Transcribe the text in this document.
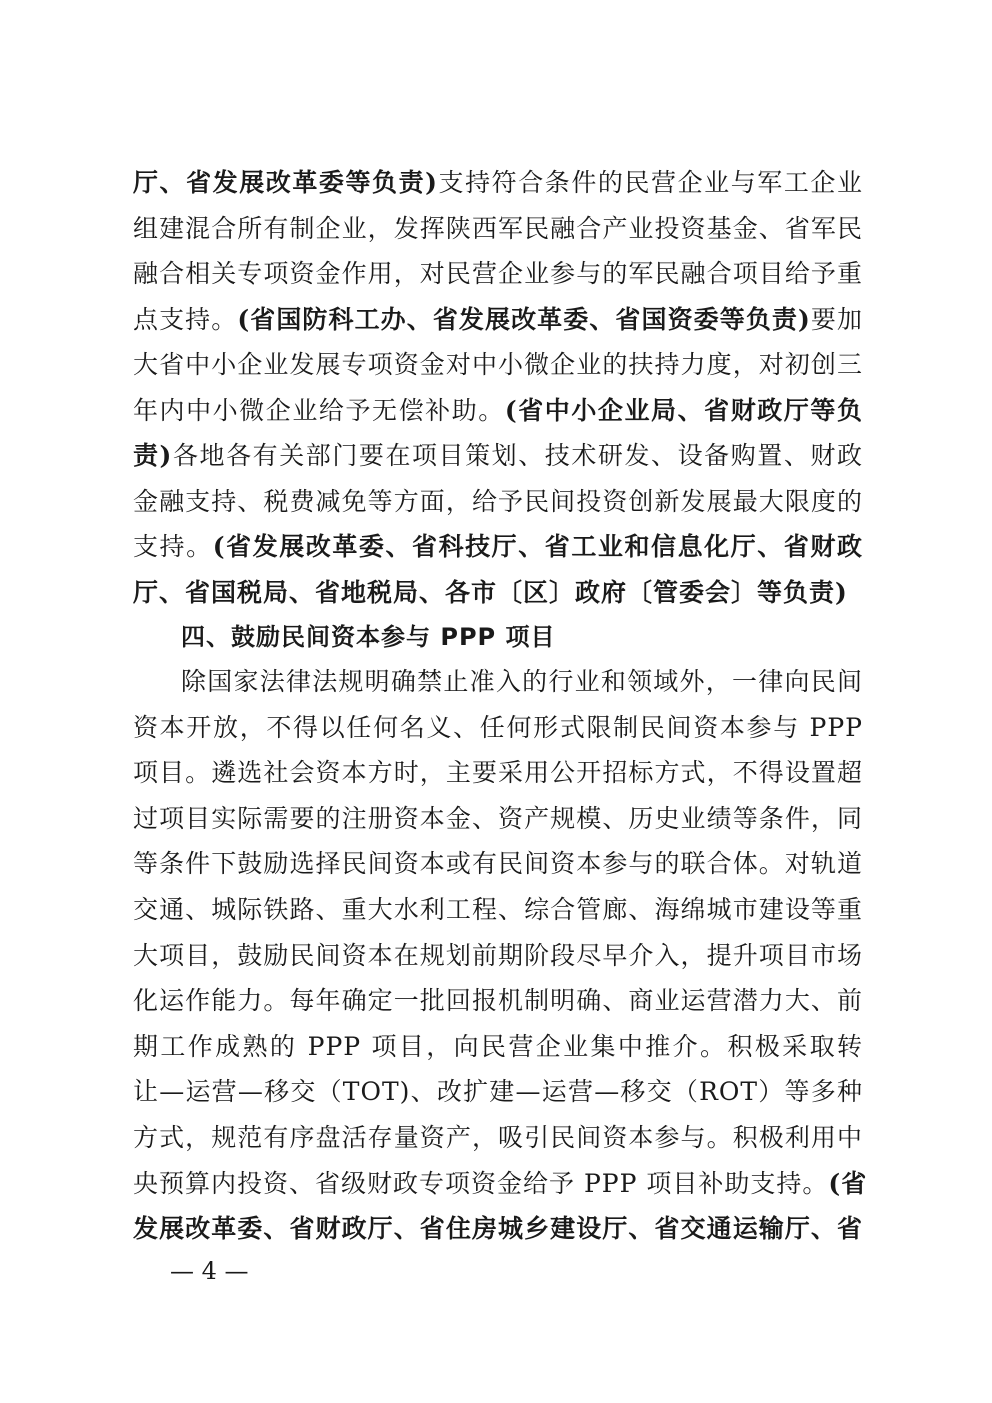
厅、省发展改革委等负责)支持符合条件的民营企业与军工企业
组建混合所有制企业，发挥陕西军民融合产业投资基金、省军民
融合相关专项资金作用，对民营企业参与的军民融合项目给予重
点支持。(省国防科工办、省发展改革委、省国资委等负责)要加
大省中小企业发展专项资金对中小微企业的扶持力度，对初创三
年内中小微企业给予无偿补助。(省中小企业局、省财政厅等负
责)各地各有关部门要在项目策划、技术研发、设备购置、财政
金融支持、税费减免等方面，给予民间投资创新发展最大限度的
支持。(省发展改革委、省科技厅、省工业和信息化厅、省财政
厅、省国税局、省地税局、各市〔区〕政府〔管委会〕等负责)
四、鼓励民间资本参与 PPP 项目
除国家法律法规明确禁止准入的行业和领域外，一律向民间
资本开放，不得以任何名义、任何形式限制民间资本参与 PPP
项目。遴选社会资本方时，主要采用公开招标方式，不得设置超
过项目实际需要的注册资本金、资产规模、历史业绩等条件，同
等条件下鼓励选择民间资本或有民间资本参与的联合体。对轨道
交通、城际铁路、重大水利工程、综合管廊、海绵城市建设等重
大项目，鼓励民间资本在规划前期阶段尽早介入，提升项目市场
化运作能力。每年确定一批回报机制明确、商业运营潜力大、前
期工作成熟的 PPP 项目，向民营企业集中推介。积极采取转
让—运营—移交（TOT)、改扩建—运营—移交（ROT）等多种
方式，规范有序盘活存量资产，吸引民间资本参与。积极利用中
央预算内投资、省级财政专项资金给予 PPP 项目补助支持。(省
发展改革委、省财政厅、省住房城乡建设厅、省交通运输厅、省
— 4 —
